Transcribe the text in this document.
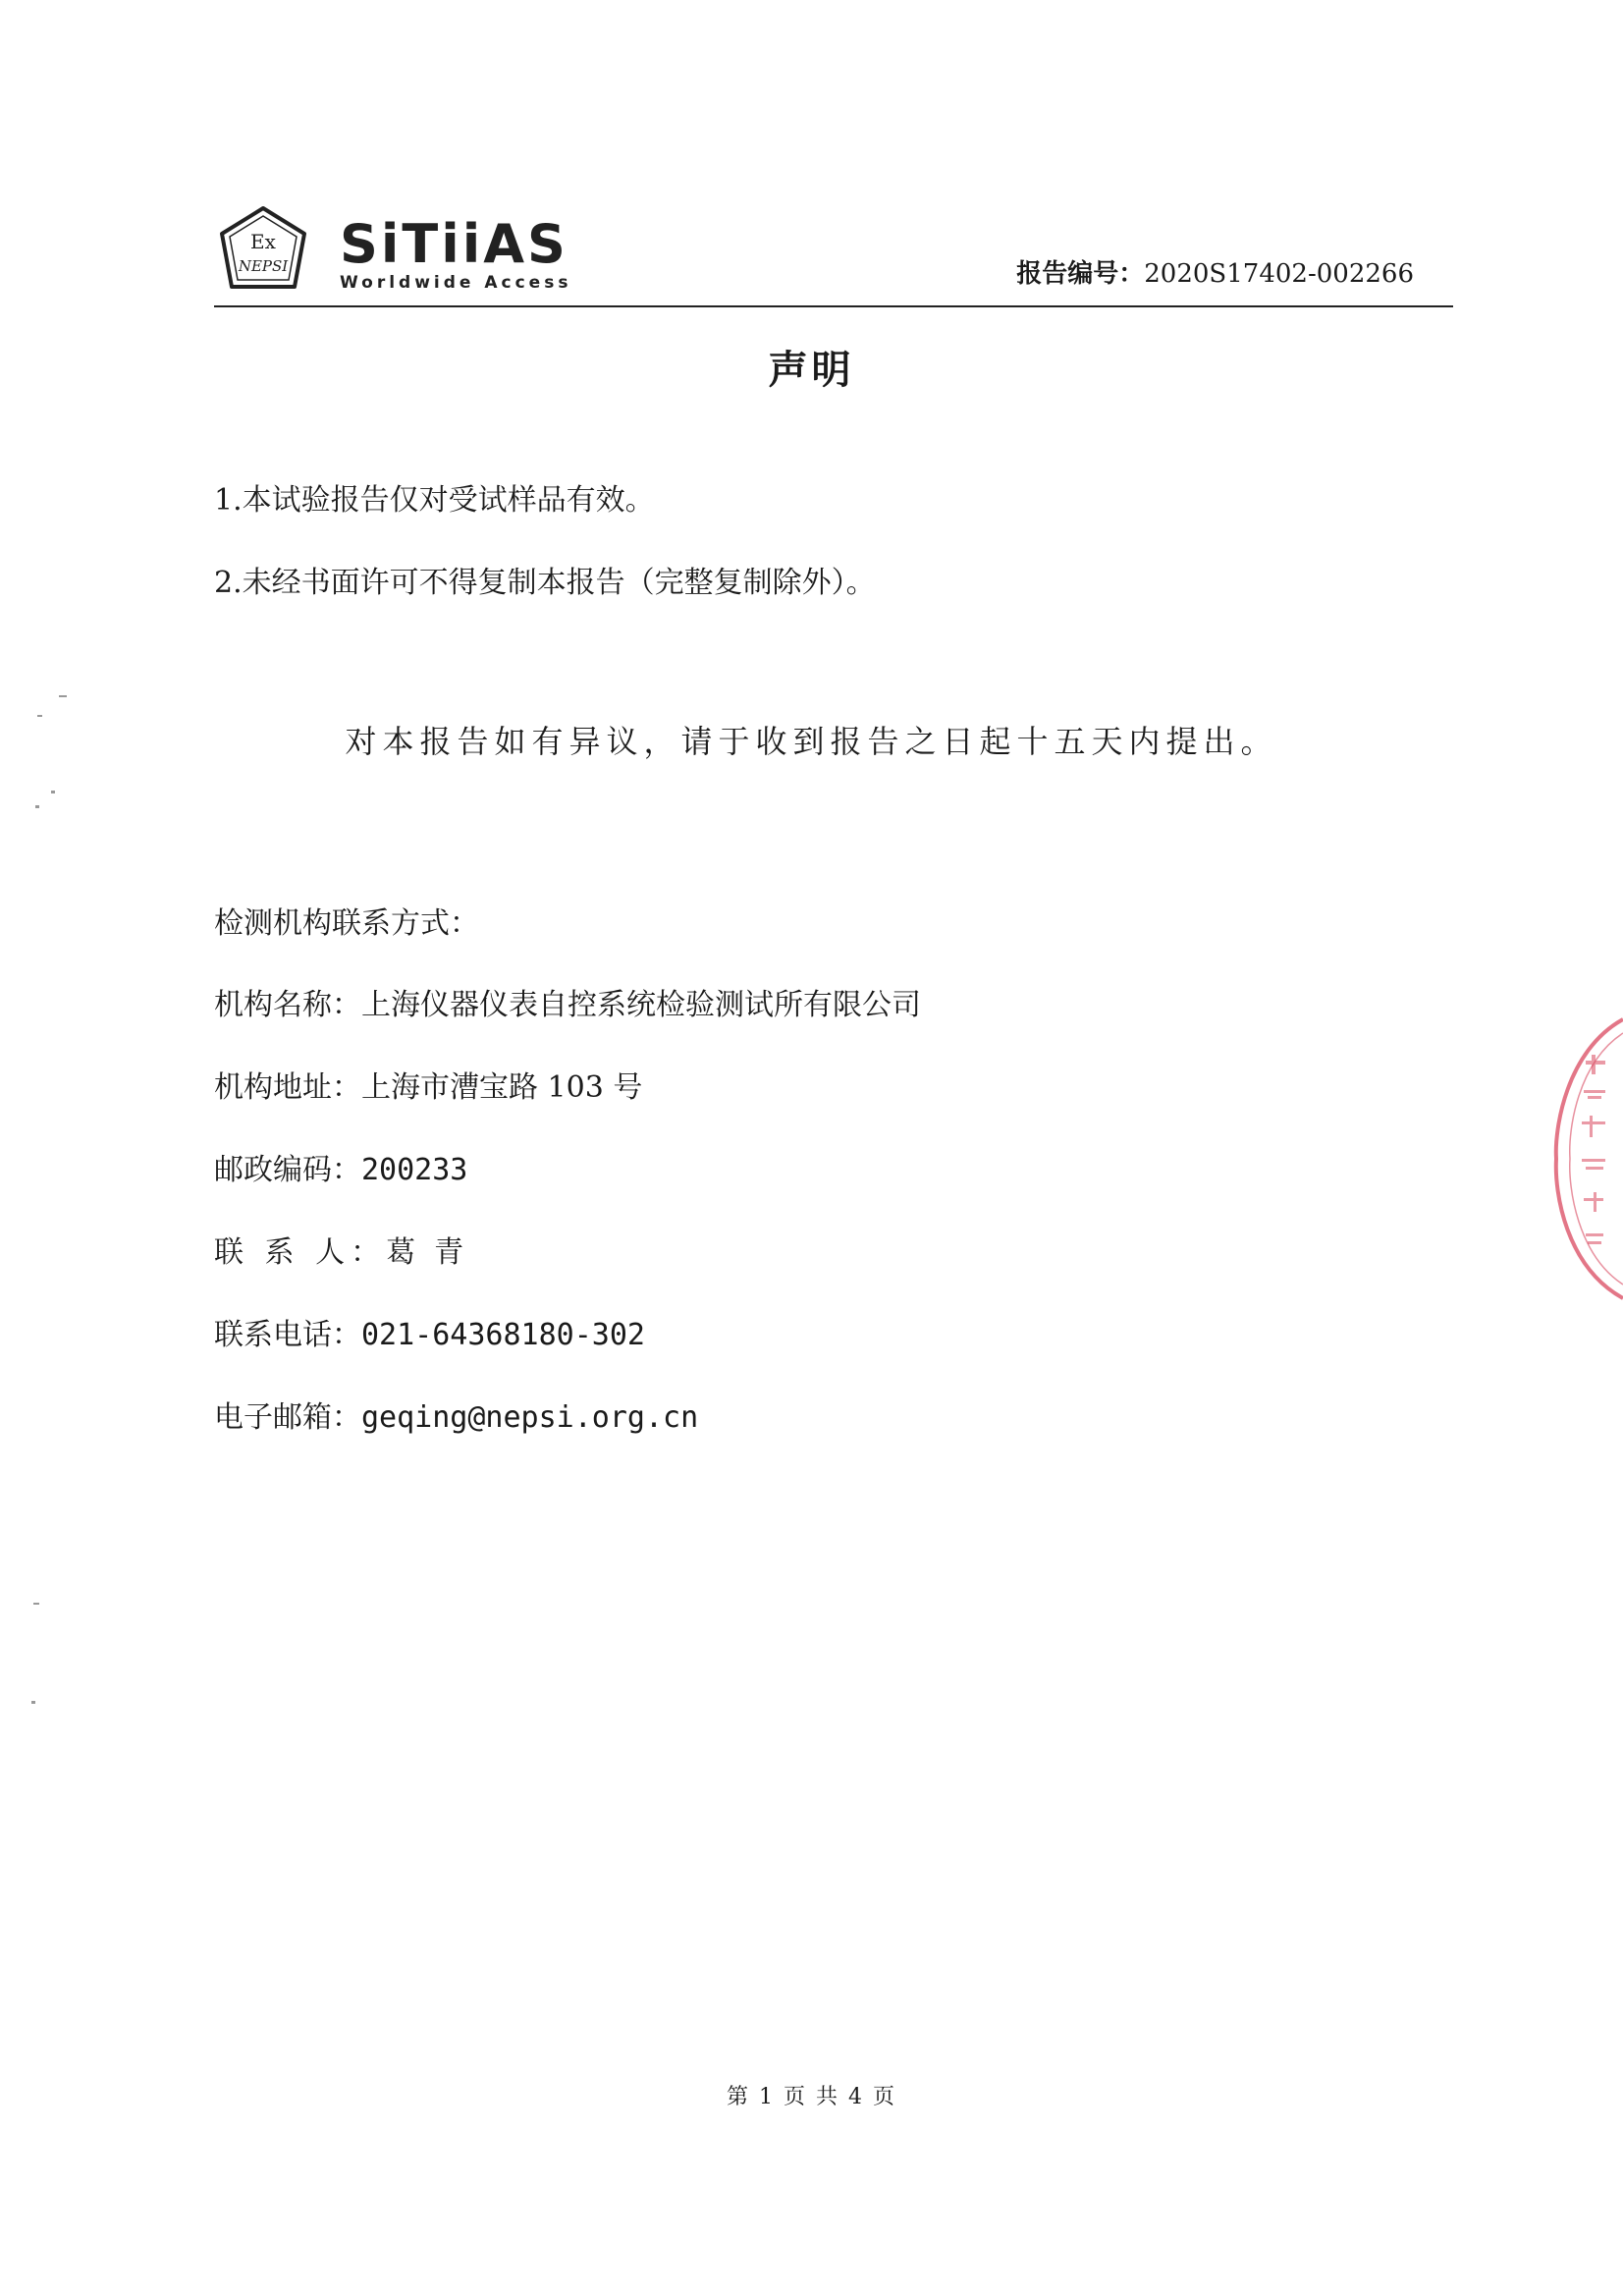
Ex
NEPSI SiTiiAS
Worldwide Access	报告编号：2020S17402-002266
声明
1.本试验报告仅对受试样品有效。
2.未经书面许可不得复制本报告（完整复制除外）。
对本报告如有异议，请于收到报告之日起十五天内提出。
检测机构联系方式：
机构名称：上海仪器仪表自控系统检验测试所有限公司
机构地址：上海市漕宝路 103 号
邮政编码：200233
联 系 人：葛  青
联系电话：021-64368180-302
电子邮箱：geqing@nepsi.org.cn
第 1 页 共 4 页
